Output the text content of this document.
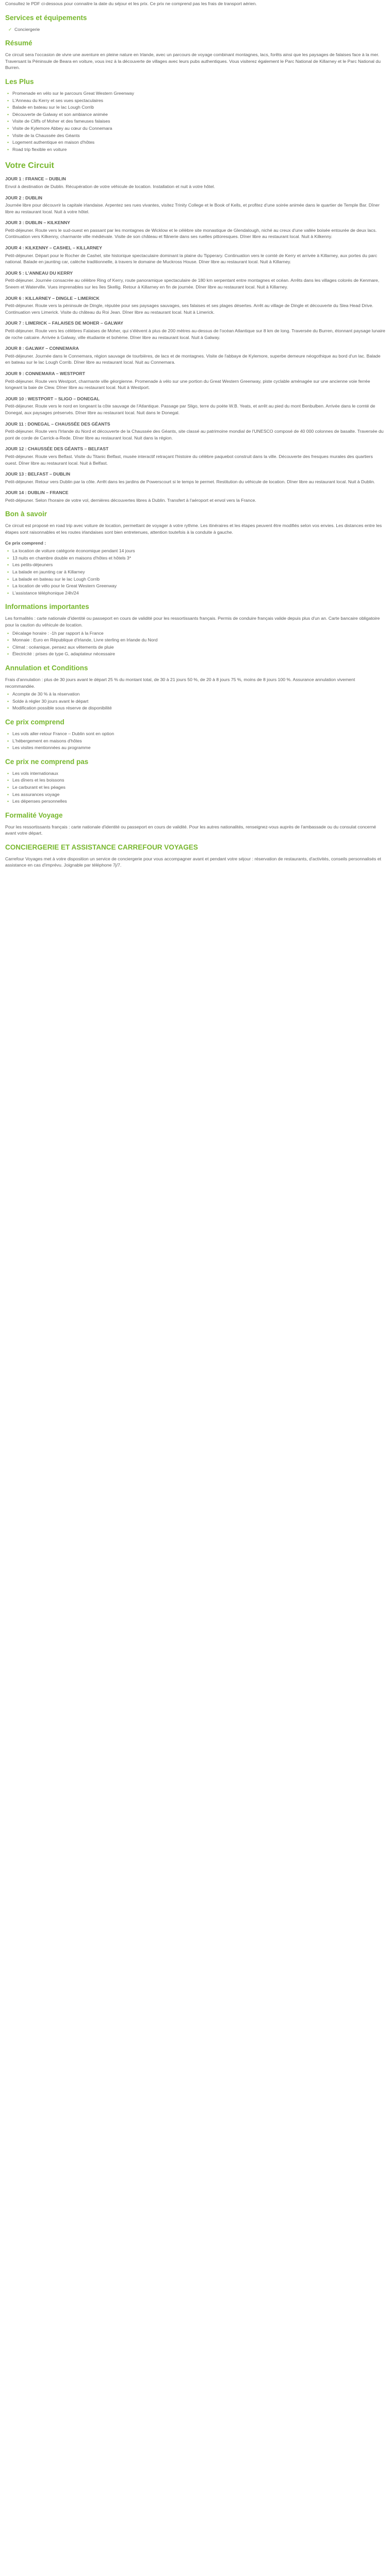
Consultez le PDF ci-dessous pour connaitre la date du séjour et les prix. Ce prix ne comprend pas les frais de transport aérien.

Services et équipements
✓ Conciergerie
Résumé

Ce circuit sera l'occasion de vivre une aventure en pleine nature en Irlande, avec un parcours de voyage combinant montagnes, lacs, forêts ainsi que les paysages de falaises face à la mer. Traversant la Péninsule de Beara en voiture, vous irez à la découverte de villages avec leurs pubs authentiques. Vous visiterez également le Parc National de Killarney et le Parc National du Burren.

Les Plus
• Promenade en vélo sur le parcours Great Western Greenway
• L'Anneau du Kerry et ses vues spectaculaires
• Balade en bateau sur le lac Lough Corrib
• Découverte de Galway et son ambiance animée
• Visite de Cliffs of Moher et des fameuses falaises
• Visite de Kylemore Abbey au cœur du Connemara
• Visite de la Chaussée des Géants
• Logement authentique en maison d'hôtes
• Road trip flexible en voiture
Votre Circuit
JOUR 1 : FRANCE – DUBLIN

Envol à destination de Dublin. Récupération de votre véhicule de location. Installation et nuit à votre hôtel.

JOUR 2 : DUBLIN

Journée libre pour découvrir la capitale irlandaise. Arpentez ses rues vivantes, visitez Trinity College et le Book of Kells, et profitez d'une soirée animée dans le quartier de Temple Bar. Dîner libre au restaurant local. Nuit à votre hôtel.

JOUR 3 : DUBLIN – KILKENNY

Petit-déjeuner. Route vers le sud-ouest en passant par les montagnes de Wicklow et le célèbre site monastique de Glendalough, niché au creux d'une vallée boisée entourée de deux lacs. Continuation vers Kilkenny, charmante ville médiévale. Visite de son château et flânerie dans ses ruelles pittoresques. Dîner libre au restaurant local. Nuit à Kilkenny.

JOUR 4 : KILKENNY – CASHEL – KILLARNEY

Petit-déjeuner. Départ pour le Rocher de Cashel, site historique spectaculaire dominant la plaine du Tipperary. Continuation vers le comté de Kerry et arrivée à Killarney, aux portes du parc national. Balade en jaunting car, calèche traditionnelle, à travers le domaine de Muckross House. Dîner libre au restaurant local. Nuit à Killarney.

JOUR 5 : L'ANNEAU DU KERRY

Petit-déjeuner. Journée consacrée au célèbre Ring of Kerry, route panoramique spectaculaire de 180 km serpentant entre montagnes et océan. Arrêts dans les villages colorés de Kenmare, Sneem et Waterville. Vues imprenables sur les îles Skellig. Retour à Killarney en fin de journée. Dîner libre au restaurant local. Nuit à Killarney.

JOUR 6 : KILLARNEY – DINGLE – LIMERICK

Petit-déjeuner. Route vers la péninsule de Dingle, réputée pour ses paysages sauvages, ses falaises et ses plages désertes. Arrêt au village de Dingle et découverte du Slea Head Drive. Continuation vers Limerick. Visite du château du Roi Jean. Dîner libre au restaurant local. Nuit à Limerick.

JOUR 7 : LIMERICK – FALAISES DE MOHER – GALWAY

Petit-déjeuner. Route vers les célèbres Falaises de Moher, qui s'élèvent à plus de 200 mètres au-dessus de l'océan Atlantique sur 8 km de long. Traversée du Burren, étonnant paysage lunaire de roche calcaire. Arrivée à Galway, ville étudiante et bohème. Dîner libre au restaurant local. Nuit à Galway.

JOUR 8 : GALWAY – CONNEMARA

Petit-déjeuner. Journée dans le Connemara, région sauvage de tourbières, de lacs et de montagnes. Visite de l'abbaye de Kylemore, superbe demeure néogothique au bord d'un lac. Balade en bateau sur le lac Lough Corrib. Dîner libre au restaurant local. Nuit au Connemara.

JOUR 9 : CONNEMARA – WESTPORT

Petit-déjeuner. Route vers Westport, charmante ville géorgienne. Promenade à vélo sur une portion du Great Western Greenway, piste cyclable aménagée sur une ancienne voie ferrée longeant la baie de Clew. Dîner libre au restaurant local. Nuit à Westport.

JOUR 10 : WESTPORT – SLIGO – DONEGAL

Petit-déjeuner. Route vers le nord en longeant la côte sauvage de l'Atlantique. Passage par Sligo, terre du poète W.B. Yeats, et arrêt au pied du mont Benbulben. Arrivée dans le comté de Donegal, aux paysages préservés. Dîner libre au restaurant local. Nuit dans le Donegal.

JOUR 11 : DONEGAL – CHAUSSÉE DES GÉANTS

Petit-déjeuner. Route vers l'Irlande du Nord et découverte de la Chaussée des Géants, site classé au patrimoine mondial de l'UNESCO composé de 40 000 colonnes de basalte. Traversée du pont de corde de Carrick-a-Rede. Dîner libre au restaurant local. Nuit dans la région.

JOUR 12 : CHAUSSÉE DES GÉANTS – BELFAST

Petit-déjeuner. Route vers Belfast. Visite du Titanic Belfast, musée interactif retraçant l'histoire du célèbre paquebot construit dans la ville. Découverte des fresques murales des quartiers ouest. Dîner libre au restaurant local. Nuit à Belfast.

JOUR 13 : BELFAST – DUBLIN

Petit-déjeuner. Retour vers Dublin par la côte. Arrêt dans les jardins de Powerscourt si le temps le permet. Restitution du véhicule de location. Dîner libre au restaurant local. Nuit à Dublin.

JOUR 14 : DUBLIN – FRANCE

Petit-déjeuner. Selon l'horaire de votre vol, dernières découvertes libres à Dublin. Transfert à l'aéroport et envol vers la France.

Bon à savoir

Ce circuit est proposé en road trip avec voiture de location, permettant de voyager à votre rythme. Les itinéraires et les étapes peuvent être modifiés selon vos envies. Les distances entre les étapes sont raisonnables et les routes irlandaises sont bien entretenues, attention toutefois à la conduite à gauche.

Ce prix comprend :
• La location de voiture catégorie économique pendant 14 jours
• 13 nuits en chambre double en maisons d'hôtes et hôtels 3*
• Les petits-déjeuners
• La balade en jaunting car à Killarney
• La balade en bateau sur le lac Lough Corrib
• La location de vélo pour le Great Western Greenway
• L'assistance téléphonique 24h/24
Informations importantes

Les formalités : carte nationale d'identité ou passeport en cours de validité pour les ressortissants français. Permis de conduire français valide depuis plus d'un an. Carte bancaire obligatoire pour la caution du véhicule de location.

• Décalage horaire : -1h par rapport à la France
• Monnaie : Euro en République d'Irlande, Livre sterling en Irlande du Nord
• Climat : océanique, pensez aux vêtements de pluie
• Électricité : prises de type G, adaptateur nécessaire
Annulation et Conditions

Frais d'annulation : plus de 30 jours avant le départ 25 % du montant total, de 30 à 21 jours 50 %, de 20 à 8 jours 75 %, moins de 8 jours 100 %. Assurance annulation vivement recommandée.

• Acompte de 30 % à la réservation
• Solde à régler 30 jours avant le départ
• Modification possible sous réserve de disponibilité
Ce prix comprend
• Les vols aller-retour France – Dublin sont en option
• L'hébergement en maisons d'hôtes
• Les visites mentionnées au programme
Ce prix ne comprend pas
• Les vols internationaux
• Les dîners et les boissons
• Le carburant et les péages
• Les assurances voyage
• Les dépenses personnelles
Formalité Voyage

Pour les ressortissants français : carte nationale d'identité ou passeport en cours de validité. Pour les autres nationalités, renseignez-vous auprès de l'ambassade ou du consulat concerné avant votre départ.

CONCIERGERIE ET ASSISTANCE CARREFOUR VOYAGES

Carrefour Voyages met à votre disposition un service de conciergerie pour vous accompagner avant et pendant votre séjour : réservation de restaurants, d'activités, conseils personnalisés et assistance en cas d'imprévu. Joignable par téléphone 7j/7.
